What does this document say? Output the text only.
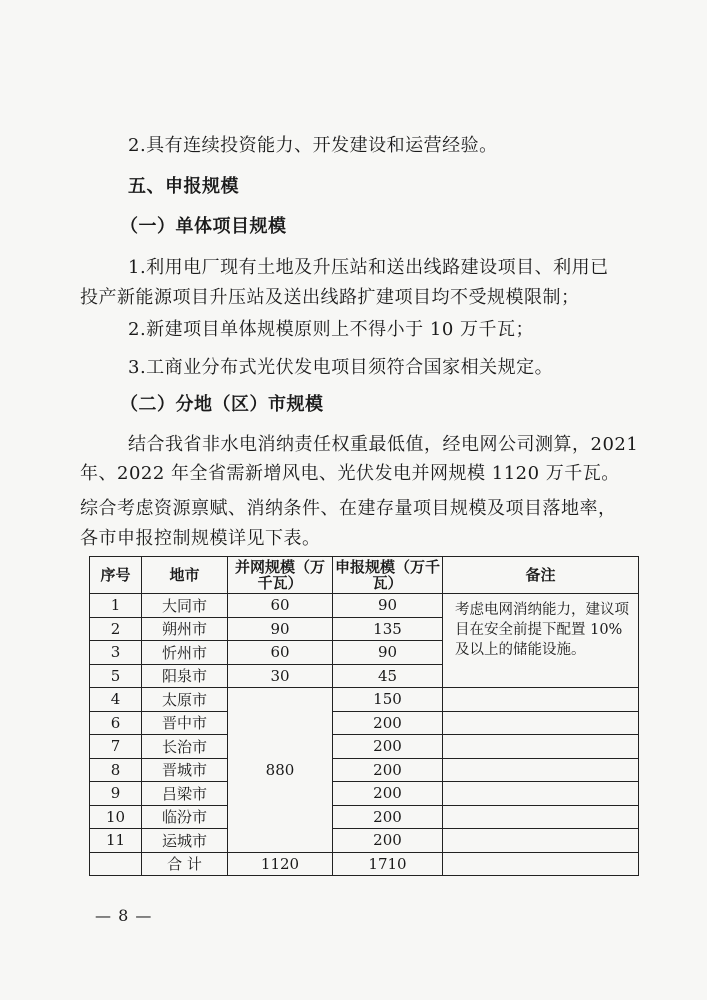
2.具有连续投资能力、开发建设和运营经验。
五、申报规模
（一）单体项目规模
1.利用电厂现有土地及升压站和送出线路建设项目、利用已
投产新能源项目升压站及送出线路扩建项目均不受规模限制；
2.新建项目单体规模原则上不得小于 10 万千瓦；
3.工商业分布式光伏发电项目须符合国家相关规定。
（二）分地（区）市规模
结合我省非水电消纳责任权重最低值，经电网公司测算，2021
年、2022 年全省需新增风电、光伏发电并网规模 1120 万千瓦。
综合考虑资源禀赋、消纳条件、在建存量项目规模及项目落地率，
各市申报控制规模详见下表。
序号	地市	并网规模（万千瓦）	申报规模（万千瓦）	备注
1	大同市	60	90	考虑电网消纳能力，建议项目在安全前提下配置 10%及以上的储能设施。
2	朔州市	90	135	
3	忻州市	60	90	
5	阳泉市	30	45	
4	太原市	880	150	
6	晋中市		200	
7	长治市		200	
8	晋城市		200	
9	吕梁市		200	
10	临汾市		200	
11	运城市		200	
	合 计	1120	1710	
— 8 —
